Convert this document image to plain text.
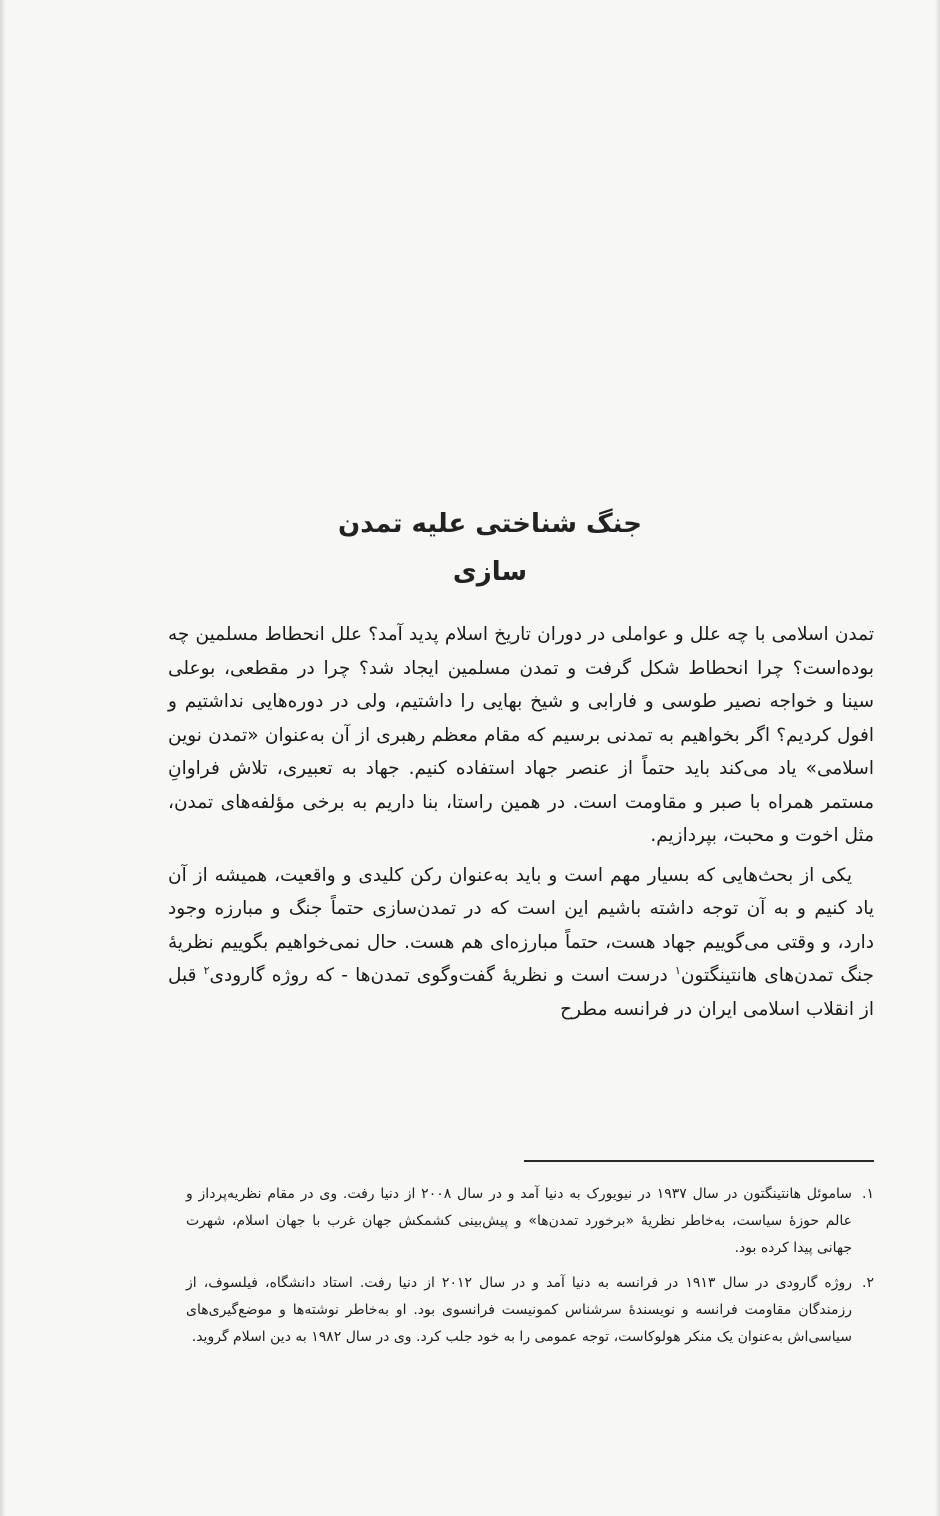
جنگ شناختی علیه تمدن سازی

تمدن اسلامی با چه علل و عواملی در دوران تاریخ اسلام پدید آمد؟ علل انحطاط مسلمین چه بوده‌است؟ چرا انحطاط شکل گرفت و تمدن مسلمین ایجاد شد؟ چرا در مقطعی، بوعلی سینا و خواجه نصیر طوسی و فارابی و شیخ بهایی را داشتیم، ولی در دوره‌هایی نداشتیم و افول کردیم؟ اگر بخواهیم به تمدنی برسیم که مقام معظم رهبری از آن به‌عنوان «تمدن نوین اسلامی» یاد می‌کند باید حتماً از عنصر جهاد استفاده کنیم. جهاد به تعبیری، تلاش فراوانِ مستمر همراه با صبر و مقاومت است. در همین راستا، بنا داریم به برخی مؤلفه‌های تمدن، مثل اخوت و محبت، بپردازیم.

یکی از بحث‌هایی که بسیار مهم است و باید به‌عنوان رکن کلیدی و واقعیت، همیشه از آن یاد کنیم و به آن توجه داشته باشیم این است که در تمدن‌سازی حتماً جنگ و مبارزه وجود دارد، و وقتی می‌گوییم جهاد هست، حتماً مبارزه‌ای هم هست. حال نمی‌خواهیم بگوییم نظریهٔ جنگ تمدن‌های هانتینگتون$^۱$ درست است و نظریهٔ گفت‌وگوی تمدن‌ها - که روژه گارودی$^۲$ قبل از انقلاب اسلامی ایران در فرانسه مطرح

۱.
ساموئل هانتینگتون در سال ۱۹۳۷ در نیویورک به دنیا آمد و در سال ۲۰۰۸ از دنیا رفت. وی در مقام نظریه‌پرداز و عالم حوزهٔ سیاست، به‌خاطر نظریهٔ «برخورد تمدن‌ها» و پیش‌بینی کشمکش جهان غرب با جهان اسلام، شهرت جهانی پیدا کرده بود.
۲.
روژه گارودی در سال ۱۹۱۳ در فرانسه به دنیا آمد و در سال ۲۰۱۲ از دنیا رفت. استاد دانشگاه، فیلسوف، از رزمندگان مقاومت فرانسه و نویسندهٔ سرشناس کمونیست فرانسوی بود. او به‌خاطر نوشته‌ها و موضع‌گیری‌های سیاسی‌اش به‌عنوان یک منکر هولوکاست، توجه عمومی را به خود جلب کرد. وی در سال ۱۹۸۲ به دین اسلام گروید.
